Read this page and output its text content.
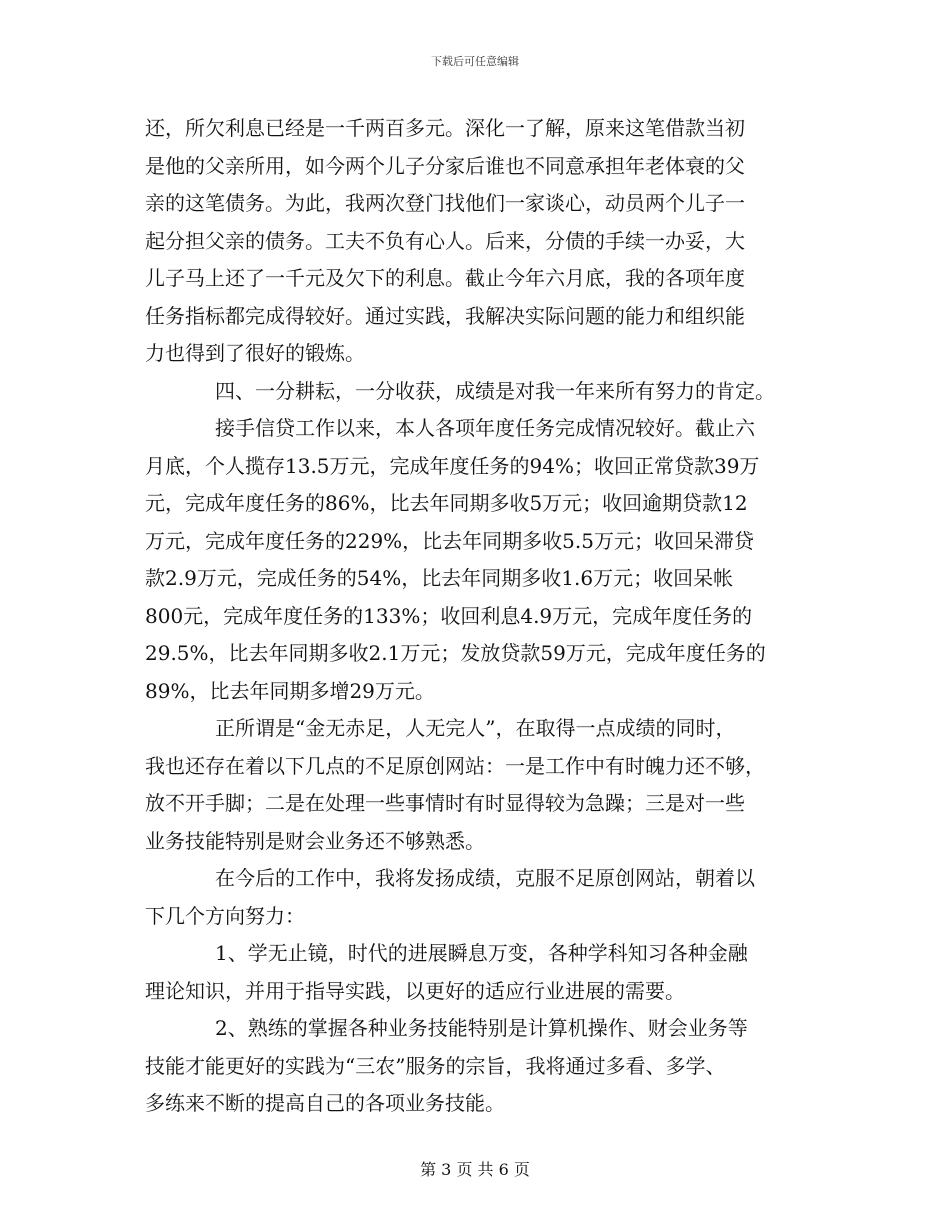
下载后可任意编辑
还，所欠利息已经是一千两百多元。深化一了解，原来这笔借款当初
是他的父亲所用，如今两个儿子分家后谁也不同意承担年老体衰的父
亲的这笔债务。为此，我两次登门找他们一家谈心，动员两个儿子一
起分担父亲的债务。工夫不负有心人。后来，分债的手续一办妥，大
儿子马上还了一千元及欠下的利息。截止今年六月底，我的各项年度
任务指标都完成得较好。通过实践，我解决实际问题的能力和组织能
力也得到了很好的锻炼。
四、一分耕耘，一分收获，成绩是对我一年来所有努力的肯定。
接手信贷工作以来，本人各项年度任务完成情况较好。截止六
月底，个人揽存13.5万元，完成年度任务的94%；收回正常贷款39万
元，完成年度任务的86%，比去年同期多收5万元；收回逾期贷款12
万元，完成年度任务的229%，比去年同期多收5.5万元；收回呆滞贷
款2.9万元，完成任务的54%，比去年同期多收1.6万元；收回呆帐
800元，完成年度任务的133%；收回利息4.9万元，完成年度任务的
29.5%，比去年同期多收2.1万元；发放贷款59万元，完成年度任务的
89%，比去年同期多增29万元。
正所谓是“金无赤足，人无完人”，在取得一点成绩的同时，
我也还存在着以下几点的不足原创网站：一是工作中有时魄力还不够，
放不开手脚；二是在处理一些事情时有时显得较为急躁；三是对一些
业务技能特别是财会业务还不够熟悉。
在今后的工作中，我将发扬成绩，克服不足原创网站，朝着以
下几个方向努力：
1、学无止镜，时代的进展瞬息万变，各种学科知习各种金融
理论知识，并用于指导实践，以更好的适应行业进展的需要。
2、熟练的掌握各种业务技能特别是计算机操作、财会业务等
技能才能更好的实践为“三农”服务的宗旨，我将通过多看、多学、
多练来不断的提高自己的各项业务技能。
第 3 页 共 6 页
